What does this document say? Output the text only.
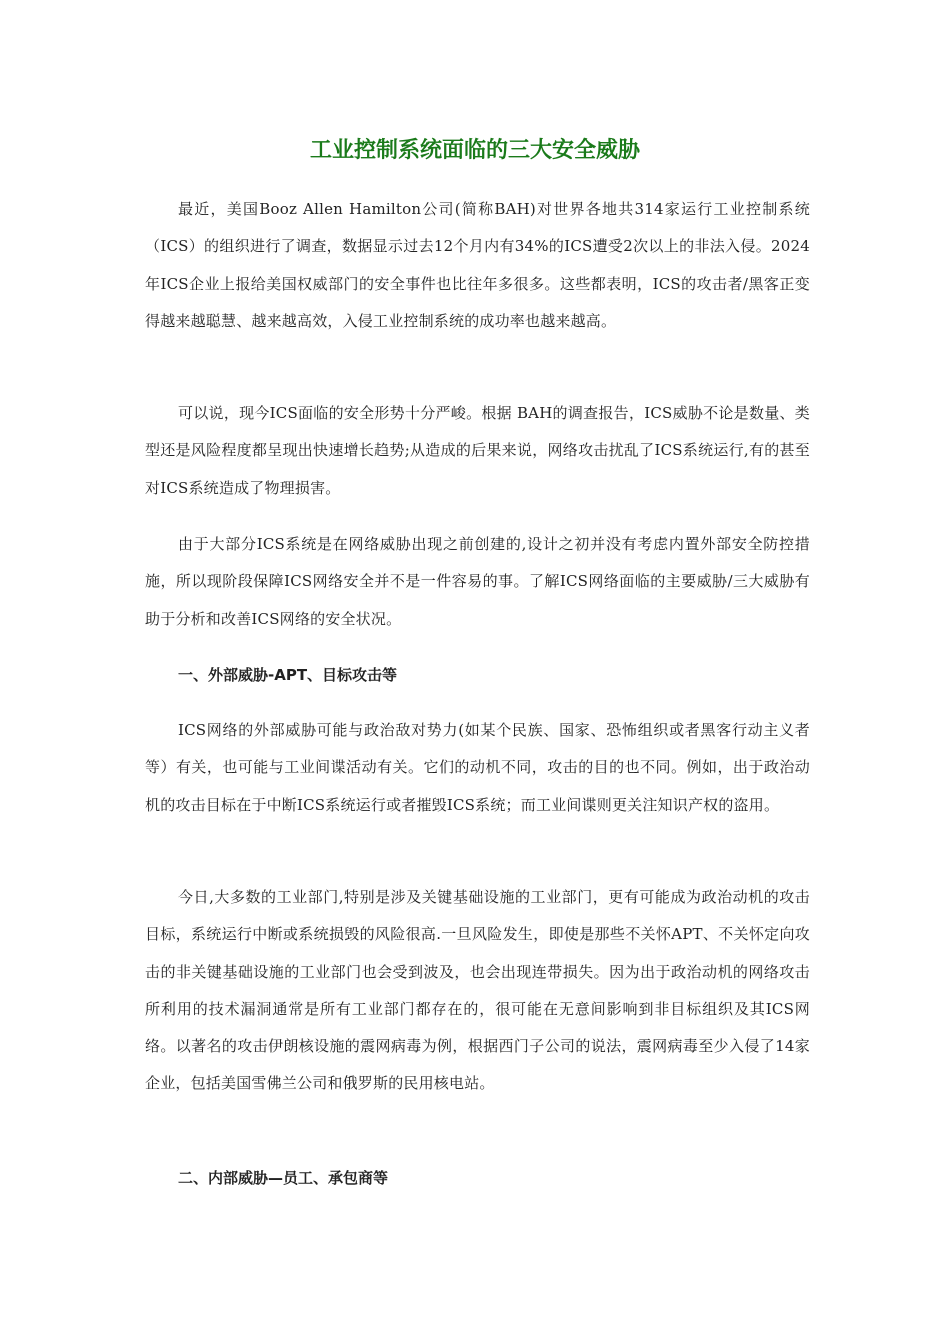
工业控制系统面临的三大安全威胁

最近，美国Booz Allen Hamilton公司(简称BAH)对世界各地共314家运行工业控制系统（ICS）的组织进行了调查，数据显示过去12个月内有34%的ICS遭受2次以上的非法入侵。2024年ICS企业上报给美国权威部门的安全事件也比往年多很多。这些都表明，ICS的攻击者/黑客正变得越来越聪慧、越来越高效，入侵工业控制系统的成功率也越来越高。

可以说，现今ICS面临的安全形势十分严峻。根据 BAH的调查报告，ICS威胁不论是数量、类型还是风险程度都呈现出快速增长趋势;从造成的后果来说，网络攻击扰乱了ICS系统运行,有的甚至对ICS系统造成了物理损害。

由于大部分ICS系统是在网络威胁出现之前创建的,设计之初并没有考虑内置外部安全防控措施，所以现阶段保障ICS网络安全并不是一件容易的事。了解ICS网络面临的主要威胁/三大威胁有助于分析和改善ICS网络的安全状况。

一、外部威胁-APT、目标攻击等

ICS网络的外部威胁可能与政治敌对势力(如某个民族、国家、恐怖组织或者黑客行动主义者等）有关，也可能与工业间谍活动有关。它们的动机不同，攻击的目的也不同。例如，出于政治动机的攻击目标在于中断ICS系统运行或者摧毁ICS系统；而工业间谍则更关注知识产权的盗用。

今日,大多数的工业部门,特别是涉及关键基础设施的工业部门，更有可能成为政治动机的攻击目标，系统运行中断或系统损毁的风险很高.一旦风险发生，即使是那些不关怀APT、不关怀定向攻击的非关键基础设施的工业部门也会受到波及，也会出现连带损失。因为出于政治动机的网络攻击所利用的技术漏洞通常是所有工业部门都存在的，很可能在无意间影响到非目标组织及其ICS网络。以著名的攻击伊朗核设施的震网病毒为例，根据西门子公司的说法，震网病毒至少入侵了14家企业，包括美国雪佛兰公司和俄罗斯的民用核电站。

二、内部威胁—员工、承包商等
